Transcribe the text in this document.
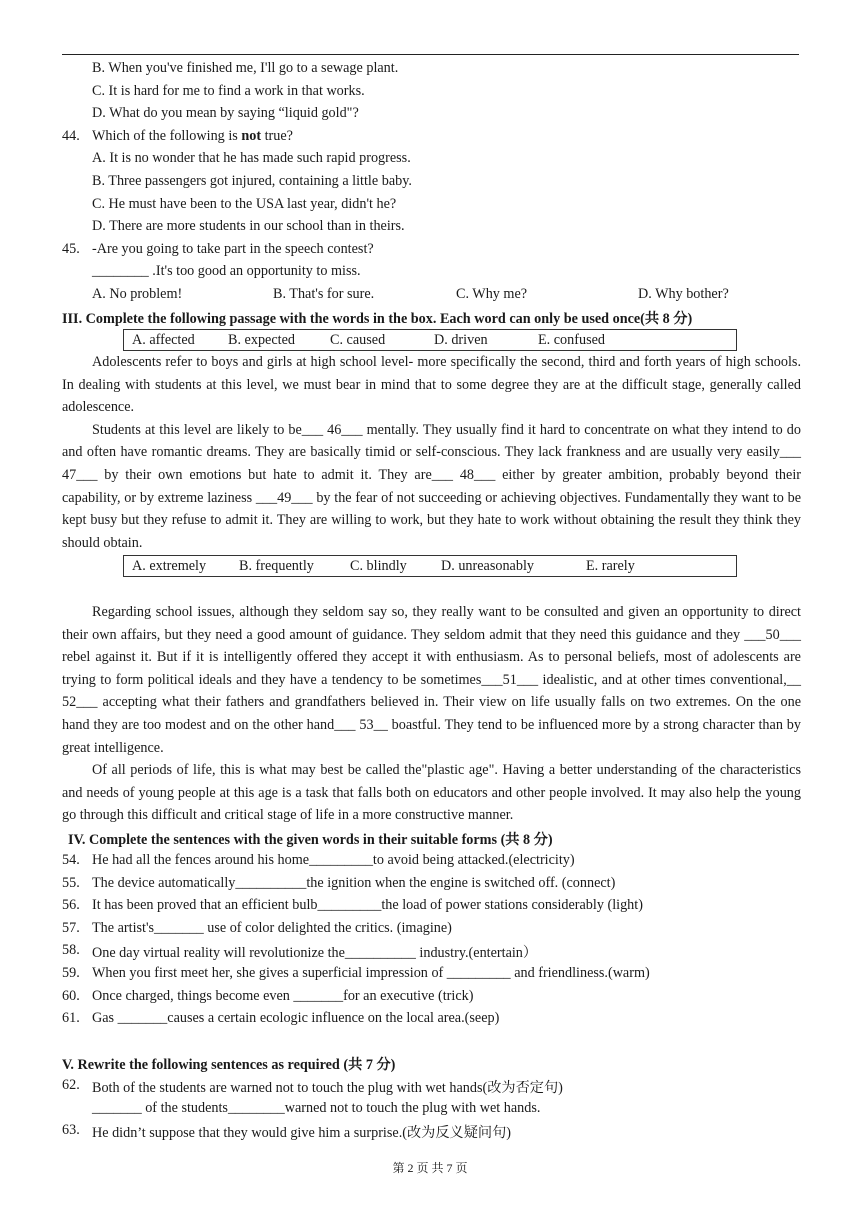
B. When you've finished me, I'll go to a sewage plant.
C. It is hard for me to find a work in that works.
D. What do you mean by saying “liquid gold"?
44. Which of the following is not true?
A. It is no wonder that he has made such rapid progress.
B. Three passengers got injured, containing a little baby.
C. He must have been to the USA last year, didn't he?
D. There are more students in our school than in theirs.
45. -Are you going to take part in the speech contest?
________ .It's too good an opportunity to miss.
A. No problem!	B. That's for sure.	C. Why me?	D. Why bother?
III. Complete the following passage with the words in the box. Each word can only be used once(共 8 分)
A. affected B. expected C. caused	D. driven	E. confused

Adolescents refer to boys and girls at high school level- more specifically the second, third and forth years of high schools. In dealing with students at this level, we must bear in mind that to some degree they are at the difficult stage, generally called adolescence.

Students at this level are likely to be___ 46___ mentally. They usually find it hard to concentrate on what they intend to do and often have romantic dreams. They are basically timid or self-conscious. They lack frankness and are usually very easily___ 47___ by their own emotions but hate to admit it. They are___ 48___ either by greater ambition, probably beyond their capability, or by extreme laziness ___49___ by the fear of not succeeding or achieving objectives. Fundamentally they want to be kept busy but they refuse to admit it. They are willing to work, but they hate to work without obtaining the result they think they should obtain.

A. extremely B. frequently	C. blindly D. unreasonably	E. rarely

Regarding school issues, although they seldom say so, they really want to be consulted and given an opportunity to direct their own affairs, but they need a good amount of guidance. They seldom admit that they need this guidance and they ___50___ rebel against it. But if it is intelligently offered they accept it with enthusiasm. As to personal beliefs, most of adolescents are trying to form political ideals and they have a tendency to be sometimes___51___ idealistic, and at other times conventional,__ 52___ accepting what their fathers and grandfathers believed in. Their view on life usually falls on two extremes. On the one hand they are too modest and on the other hand___ 53__ boastful. They tend to be influenced more by a strong character than by great intelligence.

Of all periods of life, this is what may best be called the"plastic age". Having a better understanding of the characteristics and needs of young people at this age is a task that falls both on educators and other people involved. It may also help the young go through this difficult and critical stage of life in a more constructive manner.

IV. Complete the sentences with the given words in their suitable forms (共 8 分)
54. He had all the fences around his home_________to avoid being attacked.(electricity)
55. The device automatically__________the ignition when the engine is switched off. (connect)
56. It has been proved that an efficient bulb_________the load of power stations considerably (light)
57. The artist's_______ use of color delighted the critics. (imagine)
58. One day virtual reality will revolutionize the__________ industry.(entertain）
59. When you first meet her, she gives a superficial impression of _________ and friendliness.(warm)
60. Once charged, things become even _______for an executive (trick)
61. Gas _______causes a certain ecologic influence on the local area.(seep)
V. Rewrite the following sentences as required (共 7 分)
62. Both of the students are warned not to touch the plug with wet hands(改为否定句)
_______ of the students________warned not to touch the plug with wet hands.
63. He didn’t suppose that they would give him a surprise.(改为反义疑问句)
第 2 页 共 7 页
